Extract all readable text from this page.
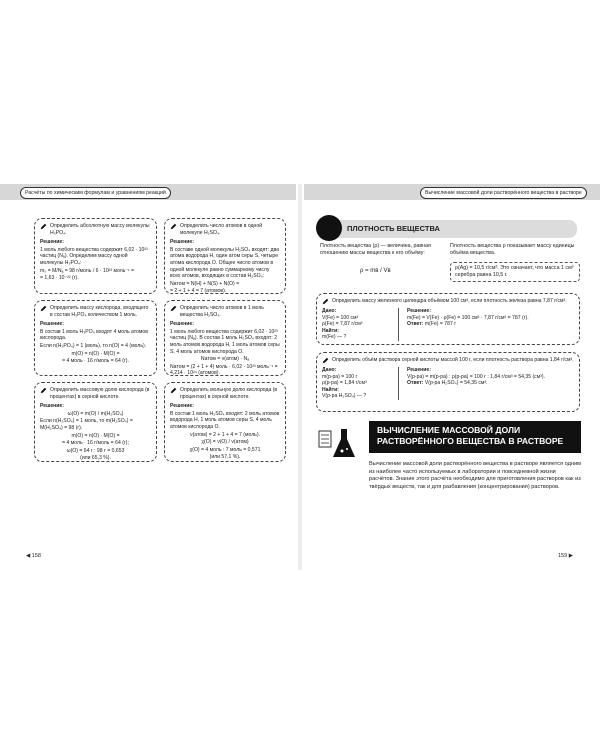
Расчёты по химическим формулам и уравнениям реакций	Вычисление массовой доли растворённого вещества в растворе
Определить абсолютную массу молекулы H₃PO₄.
Решение:
1 моль любого вещества содержит 6,02 · 10²³ частиц (Nₐ). Определим массу одной молекулы H₃PO₄:
m₀ = M/Nₐ = 98 г/моль / 6 · 10²³ моль⁻¹ =
= 1,63 · 10⁻²² (г).
Определить число атомов в одной молекуле H₂SO₄.
Решение:
В составе одной молекулы H₂SO₄ входят: два атома водорода H, один атом серы S, четыре атома кислорода O. Общее число атомов в одной молекуле равно суммарному числу всех атомов, входящих в состав H₂SO₄:
Nатом = N(H) + N(S) + N(O) =
= 2 + 1 + 4 = 7 (атомов).
Определить массу кислорода, входящего в состав H₃PO₄ количеством 1 моль.
Решение:
В состав 1 моль H₃PO₄ входят 4 моль атомов кислорода.
Если n(H₃PO₄) = 1 (моль), то n(O) = 4 (моль).
m(O) = n(O) · M(O) =
= 4 моль · 16 г/моль = 64 (г).
Определить число атомов в 1 моль вещества H₂SO₄.
Решение:
1 моль любого вещества содержит 6,02 · 10²³ частиц (Nₐ). В состав 1 моль H₂SO₄ входят: 2 моль атомов водорода H, 1 моль атомов серы S, 4 моль атомов кислорода O.
Nатом = ν(атом) · Nₐ
Nатом = (2 + 1 + 4) моль · 6,02 · 10²³ моль⁻¹ = 4,214 · 10²⁴ (атомов).
Определить массовую долю кислорода (в процентах) в серной кислоте.
Решение:
ω(O) = m(O) / m(H₂SO₄)
Если n(H₂SO₄) = 1 моль, то m(H₂SO₄) = M(H₂SO₄) = 98 (г).
m(O) = n(O) · M(O) =
= 4 моль · 16 г/моль = 64 (г);
ω(O) = 64 г : 98 г = 0,653
(или 65,3 %).
Определить мольную долю кислорода (в процентах) в серной кислоте.
Решение:
В состав 1 моль H₂SO₄ входят: 2 моль атомов водорода H, 1 моль атомов серы S, 4 моль атомов кислорода O.
ν(атом) = 2 + 1 + 4 = 7 (моль).
χ(O) = ν(O) / ν(атом)
χ(O) = 4 моль : 7 моль = 0,571
(или 57,1 %).
◀ 158	159 ▶
ПЛОТНОСТЬ ВЕЩЕСТВА
Плотность вещества (ρ) — величина, равная отношению массы вещества к его объёму:
ρ = mв / Vв
Плотность вещества ρ показывает массу единицы объёма вещества.
ρ(Ag) = 10,5 г/см³. Это означает, что масса 1 см³ серебра равна 10,5 г.
Определить массу железного цилиндра объёмом 100 см³, если плотность железа равна 7,87 г/см³.
Дано:
V(Fe) = 100 см³
ρ(Fe) = 7,87 г/см³
Найти:
m(Fe) — ?
Решение:
m(Fe) = V(Fe) · ρ(Fe) = 100 см³ · 7,87 г/см³ = 787 (г).
Ответ: m(Fe) = 787 г
Определить объём раствора серной кислоты массой 100 г, если плотность раствора равна 1,84 г/см³.
Дано:
m(р-ра) = 100 г
ρ(р-ра) = 1,84 г/см³
Найти:
V(р-ра H₂SO₄) — ?
Решение:
V(р-ра) = m(р-ра) : ρ(р-ра) = 100 г : 1,84 г/см³ = 54,35 (см³).
Ответ: V(р-ра H₂SO₄) = 54,35 см³.
ВЫЧИСЛЕНИЕ МАССОВОЙ ДОЛИ
РАСТВОРЁННОГО ВЕЩЕСТВА В РАСТВОРЕ
Вычисление массовой доли растворённого вещества в растворе является одним из наиболее часто используемых в лаборатории и повседневной жизни расчётов. Знание этого расчёта необходимо для приготовления растворов как из твёрдых веществ, так и для разбавления (концентрирования) растворов.
